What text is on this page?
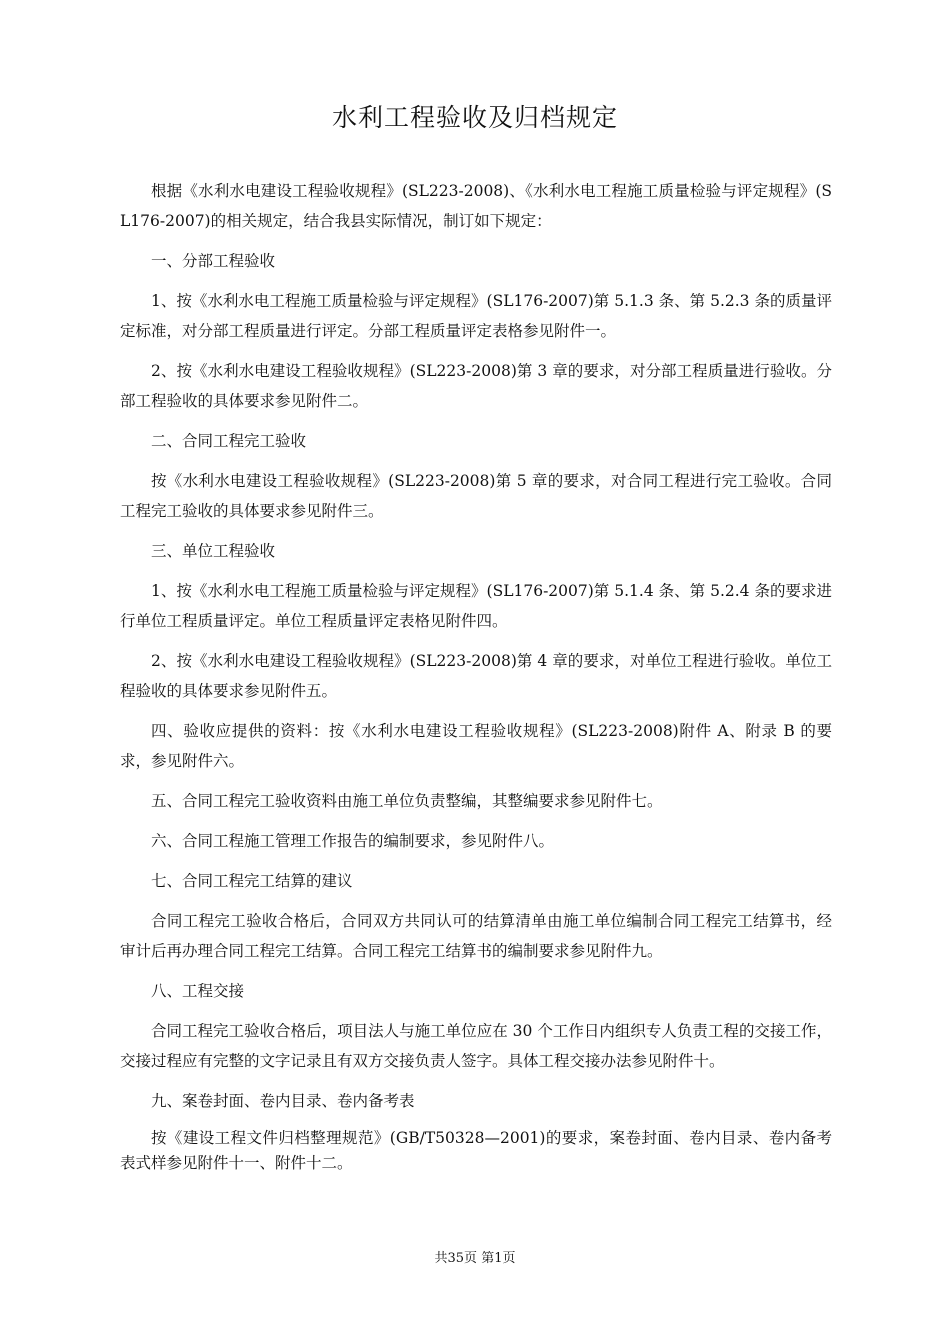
水利工程验收及归档规定

根据《水利水电建设工程验收规程》(SL223-2008)、《水利水电工程施工质量检验与评定规程》(SL176-2007)的相关规定，结合我县实际情况，制订如下规定：

一、分部工程验收

1、按《水利水电工程施工质量检验与评定规程》(SL176-2007)第 5.1.3 条、第 5.2.3 条的质量评定标准，对分部工程质量进行评定。分部工程质量评定表格参见附件一。

2、按《水利水电建设工程验收规程》(SL223-2008)第 3 章的要求，对分部工程质量进行验收。分部工程验收的具体要求参见附件二。

二、合同工程完工验收

按《水利水电建设工程验收规程》(SL223-2008)第 5 章的要求，对合同工程进行完工验收。合同工程完工验收的具体要求参见附件三。

三、单位工程验收

1、按《水利水电工程施工质量检验与评定规程》(SL176-2007)第 5.1.4 条、第 5.2.4 条的要求进行单位工程质量评定。单位工程质量评定表格见附件四。

2、按《水利水电建设工程验收规程》(SL223-2008)第 4 章的要求，对单位工程进行验收。单位工程验收的具体要求参见附件五。

四、验收应提供的资料：按《水利水电建设工程验收规程》(SL223-2008)附件 A、附录 B 的要求，参见附件六。

五、合同工程完工验收资料由施工单位负责整编，其整编要求参见附件七。

六、合同工程施工管理工作报告的编制要求，参见附件八。

七、合同工程完工结算的建议

合同工程完工验收合格后，合同双方共同认可的结算清单由施工单位编制合同工程完工结算书，经审计后再办理合同工程完工结算。合同工程完工结算书的编制要求参见附件九。

八、工程交接

合同工程完工验收合格后，项目法人与施工单位应在 30 个工作日内组织专人负责工程的交接工作，交接过程应有完整的文字记录且有双方交接负责人签字。具体工程交接办法参见附件十。

九、案卷封面、卷内目录、卷内备考表

按《建设工程文件归档整理规范》(GB/T50328—2001)的要求，案卷封面、卷内目录、卷内备考表式样参见附件十一、附件十二。

共35页 第1页
